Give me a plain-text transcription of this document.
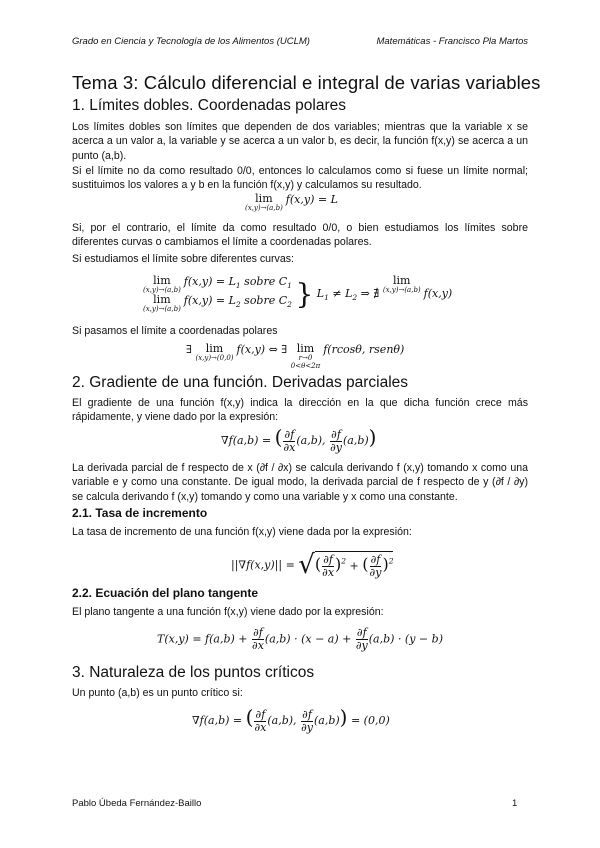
Grado en Ciencia y Tecnología de los Alimentos (UCLM)	Matemáticas - Francisco Pla Martos
Tema 3: Cálculo diferencial e integral de varias variables
1. Límites dobles. Coordenadas polares
Los límites dobles son límites que dependen de dos variables; mientras que la variable x se acerca a un valor a, la variable y se acerca a un valor b, es decir, la función f(x,y) se acerca a un punto (a,b).
Si el límite no da como resultado 0/0, entonces lo calculamos como si fuese un límite normal; sustituimos los valores a y b en la función f(x,y) y calculamos su resultado.
lim
(x,y)→(a,b)
f(x,y) = L
Si, por el contrario, el límite da como resultado 0/0, o bien estudiamos los límites sobre diferentes curvas o cambiamos el límite a coordenadas polares.
Si estudiamos el límite sobre diferentes curvas:
lim
(x,y)→(a,b)
$f(x,y) = L_1$ sobre $C_1$
lim
(x,y)→(a,b)
$f(x,y) = L_2$ sobre $C_2$ } $L_1 \ne L_2$ ⇒ ∄
lim
(x,y)→(a,b) f(x,y)
Si pasamos el límite a coordenadas polares
∃	lim
(x,y)→(0,0)
f(x,y) ⇔ ∃ lim
r→0
0<θ<2π
f(rcosθ, rsenθ)
2. Gradiente de una función. Derivadas parciales
El gradiente de una función f(x,y) indica la dirección en la que dicha función crece más rápidamente, y viene dado por la expresión:
∇f(a,b) = ( $\frac{\partial f}{\partial x} (a,b)$, $\frac{\partial f}{\partial y} (a,b)$)
La derivada parcial de f respecto de x (∂f / ∂x) se calcula derivando f (x,y) tomando x como una variable e y como una constante. De igual modo, la derivada parcial de f respecto de y (∂f / ∂y) se calcula derivando f (x,y) tomando y como una variable y x como una constante.
2.1. Tasa de incremento
La tasa de incremento de una función f(x,y) viene dada por la expresión:
||∇f(x,y)|| = √( $\frac{\partial f}{\partial x} )^2$ + ( $\frac{\partial f}{\partial y} )^2$
2.2. Ecuación del plano tangente
El plano tangente a una función f(x,y) viene dado por la expresión:
$T(x,y) = f(a,b) + \frac{\partial f}{\partial x} (a,b) \cdot (x - a) + \frac{\partial f}{\partial y} (a,b) \cdot (y - b)$
3. Naturaleza de los puntos críticos
Un punto (a,b) es un punto crítico si:
∇f(a,b) = ( $\frac{\partial f}{\partial x} (a,b)$, $\frac{\partial f}{\partial y} (a,b)) = (0,0)$
Pablo Úbeda Fernández-Baillo	1
